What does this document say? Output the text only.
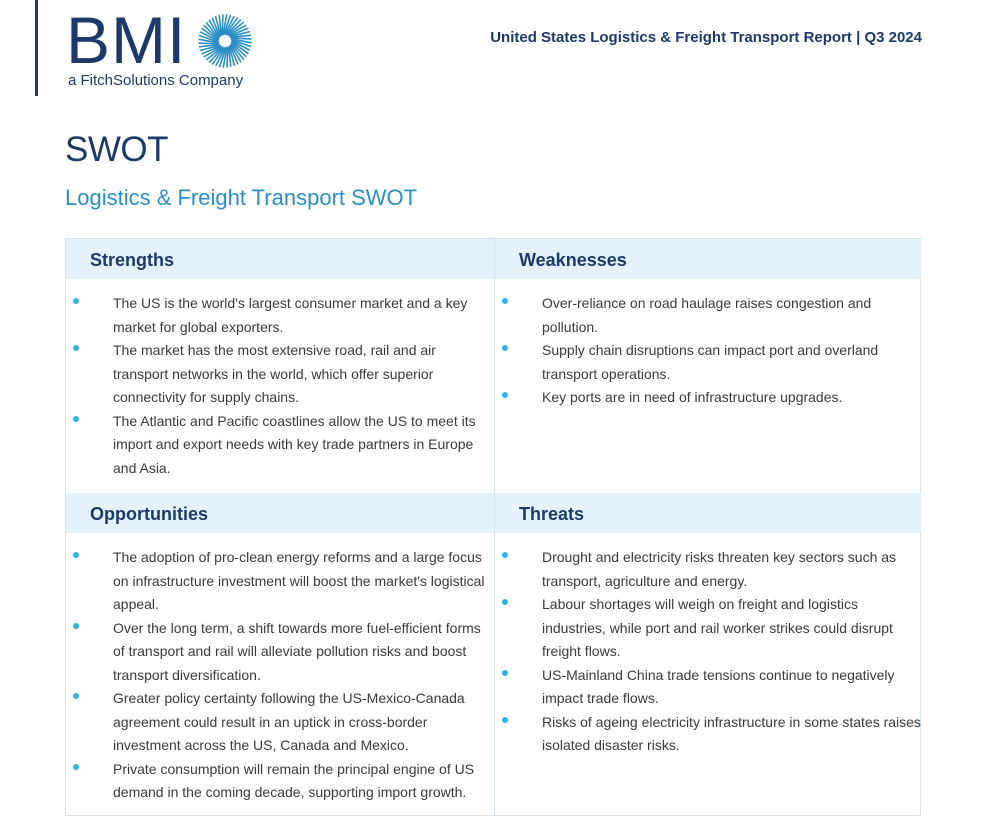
BMI
a FitchSolutions Company
United States Logistics & Freight Transport Report | Q3 2024
SWOT
Logistics & Freight Transport SWOT
Strengths	Weaknesses
The US is the world's largest consumer market and a key market for global exporters.
The market has the most extensive road, rail and air transport networks in the world, which offer superior connectivity for supply chains.
The Atlantic and Pacific coastlines allow the US to meet its import and export needs with key trade partners in Europe and Asia.
Over-reliance on road haulage raises congestion and pollution.
Supply chain disruptions can impact port and overland transport operations.
Key ports are in need of infrastructure upgrades.
Opportunities	Threats
The adoption of pro-clean energy reforms and a large focus on infrastructure investment will boost the market's logistical appeal.
Over the long term, a shift towards more fuel-efficient forms of transport and rail will alleviate pollution risks and boost transport diversification.
Greater policy certainty following the US-Mexico-Canada agreement could result in an uptick in cross-border investment across the US, Canada and Mexico.
Private consumption will remain the principal engine of US demand in the coming decade, supporting import growth.
Drought and electricity risks threaten key sectors such as transport, agriculture and energy.
Labour shortages will weigh on freight and logistics industries, while port and rail worker strikes could disrupt freight flows.
US-Mainland China trade tensions continue to negatively impact trade flows.
Risks of ageing electricity infrastructure in some states raises isolated disaster risks.
